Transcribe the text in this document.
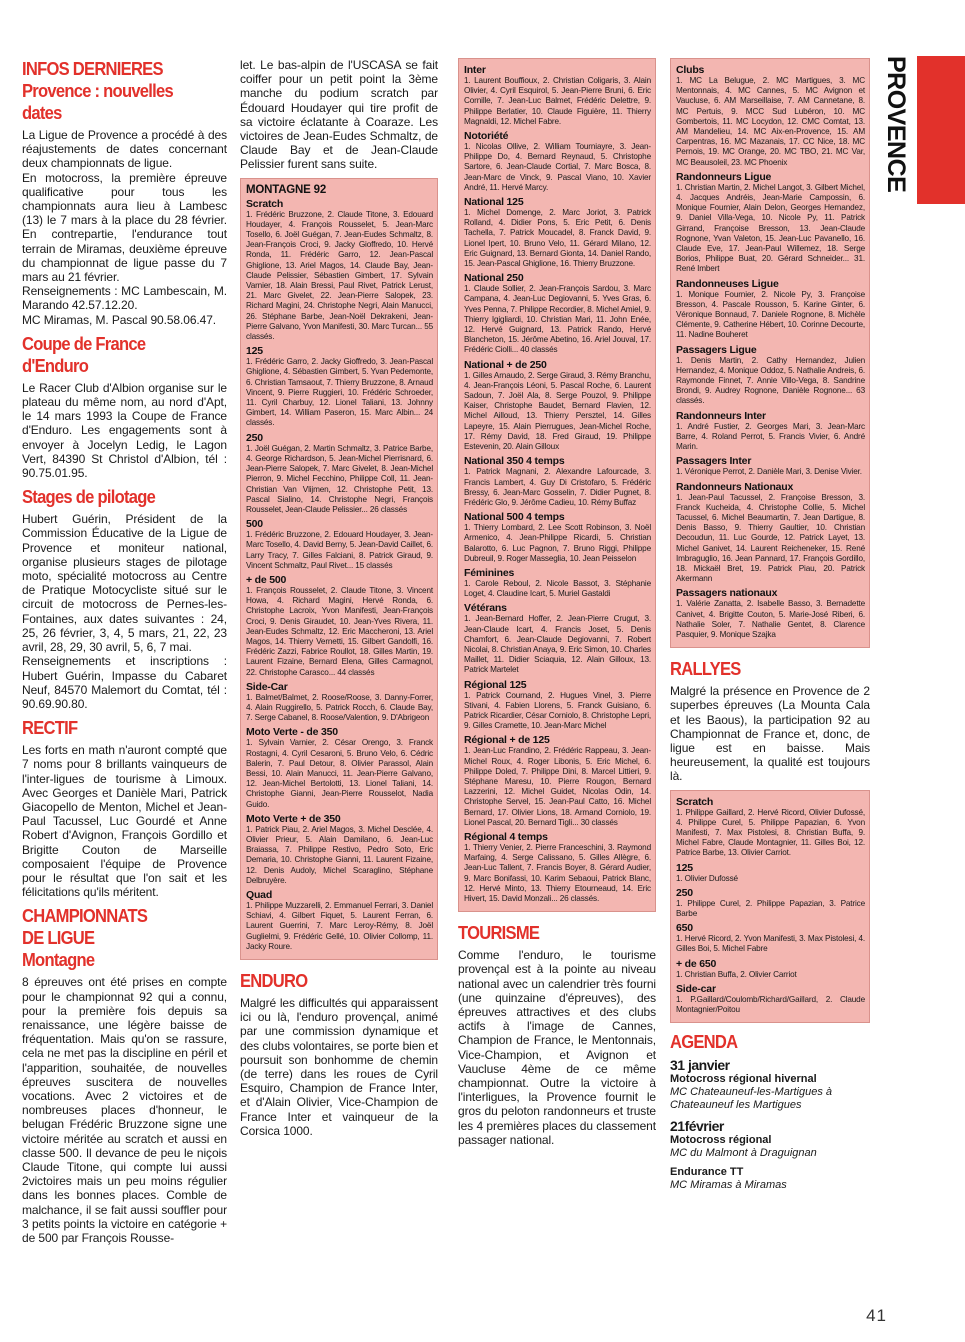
PROVENCE
INFOS DERNIERES
Provence : nouvelles
dates

La Ligue de Provence a procédé à des réajustements de dates concernant deux championnats de ligue.
En motocross, la première épreuve qualificative pour tous les championnats aura lieu à Lambesc (13) le 7 mars à la place du 28 février. En contrepartie, l'endurance tout terrain de Miramas, deuxième épreuve du championnat de ligue passe du 7 mars au 21 février.
Renseignements : MC Lambescain, M. Marando 42.57.12.20.
MC Miramas, M. Pascal 90.58.06.47.

Coupe de France
d'Enduro

Le Racer Club d'Albion organise sur le plateau du même nom, au nord d'Apt, le 14 mars 1993 la Coupe de France d'Enduro. Les engagements sont à envoyer à Jocelyn Ledig, le Lagon Vert, 84390 St Christol d'Albion, tél : 90.75.01.95.

Stages de pilotage

Hubert Guérin, Président de la Commission Éducative de la Ligue de Provence et moniteur national, organise plusieurs stages de pilotage moto, spécialité motocross au Centre de Pratique Motocycliste situé sur le circuit de motocross de Pernes-les-Fontaines, aux dates suivantes : 24, 25, 26 février, 3, 4, 5 mars, 21, 22, 23 avril, 28, 29, 30 avril, 5, 6, 7 mai.
Renseignements et inscriptions : Hubert Guérin, Impasse du Cabaret Neuf, 84570 Malemort du Comtat, tél : 90.69.90.80.

RECTIF

Les forts en math n'auront compté que 7 noms pour 8 brillants vainqueurs de l'inter-ligues de tourisme à Limoux. Avec Georges et Danièle Mari, Patrick Giacopello de Menton, Michel et Jean-Paul Tacussel, Luc Gourdé et Anne Robert d'Avignon, François Gordillo et Brigitte Couton de Marseille composaient l'équipe de Provence pour le résultat que l'on sait et les félicitations qu'ils méritent.

CHAMPIONNATS
DE LIGUE
Montagne

8 épreuves ont été prises en compte pour le championnat 92 qui a connu, pour la première fois depuis sa renaissance, une légère baisse de fréquentation. Mais qu'on se rassure, cela ne met pas la discipline en péril et l'apparition, souhaitée, de nouvelles épreuves suscitera de nouvelles vocations. Avec 2 victoires et de nombreuses places d'honneur, le belugan Frédéric Bruzzone signe une victoire méritée au scratch et aussi en classe 500. Il devance de peu le niçois Claude Titone, qui compte lui aussi 2victoires mais un peu moins régulier dans les bonnes places. Comble de malchance, il se fait aussi souffler pour 3 petits points la victoire en catégorie + de 500 par François Rousse-

let. Le bas-alpin de l'USCASA se fait coiffer pour un petit point la 3ème manche du podium scratch par Édouard Houdayer qui tire profit de sa victoire éclatante à Coaraze. Les victoires de Jean-Eudes Schmaltz, de Claude Bay et de Jean-Claude Pelissier furent sans suite.

MONTAGNE 92

Scratch

1. Frédéric Bruzzone, 2. Claude Titone, 3. Edouard Houdayer, 4. François Rousselet, 5. Jean-Marc Tosello, 6. Joël Guégan, 7. Jean-Eudes Schmaltz, 8. Jean-François Croci, 9. Jacky Gioffredo, 10. Hervé Ronda, 11. Frédéric Garro, 12. Jean-Pascal Ghiglione, 13. Ariel Magos, 14. Claude Bay, Jean-Claude Pelissier, Sébastien Gimbert, 17. Sylvain Varnier, 18. Alain Bressi, Paul Rivet, Patrick Lerust, 21. Marc Givelet, 22. Jean-Pierre Salopek, 23. Richard Magini, 24. Christophe Negri, Alain Manucci, 26. Stéphane Barbe, Jean-Noël Dekrakeni, Jean-Pierre Galvano, Yvon Manifesti, 30. Marc Turcan... 55 classés.

125

1. Frédéric Garro, 2. Jacky Gioffredo, 3. Jean-Pascal Ghiglione, 4. Sébastien Gimbert, 5. Yvan Pedemonte, 6. Christian Tamsaout, 7. Thierry Bruzzone, 8. Arnaud Vincent, 9. Pierre Ruggieri, 10. Frédéric Schroeder, 11. Cyril Charbuy, 12. Lionel Taliani, 13. Johnny Gimbert, 14. William Paseron, 15. Marc Albin... 24 classés.

250

1. Joël Guégan, 2. Martin Schmaltz, 3. Patrice Barbe, 4. George Richardson, 5. Jean-Michel Pierrisnard, 6. Jean-Pierre Salopek, 7. Marc Givelet, 8. Jean-Michel Pierron, 9. Michel Fecchino, Philippe Coll, 11. Jean-Christian Van Vlijmen, 12. Christophe Petit, 13. Pascal Sialino, 14. Christophe Negri, François Rousselet, Jean-Claude Pelissier... 26 classés

500

1. Frédéric Bruzzone, 2. Edouard Houdayer, 3. Jean-Marc Tosello, 4. David Berny, 5. Jean-David Caillet, 6. Larry Tracy, 7. Gilles Falciani, 8. Patrick Giraud, 9. Vincent Schmaltz, Paul Rivet... 15 classés

+ de 500

1. François Rousselet, 2. Claude Titone, 3. Vincent Howa, 4. Richard Magini, Hervé Ronda, 6. Christophe Lacroix, Yvon Manifesti, Jean-François Croci, 9. Denis Giraudet, 10. Jean-Yves Rivera, 11. Jean-Eudes Schmaltz, 12. Eric Maccheroni, 13. Ariel Magos, 14. Thierry Vernetti, 15. Gilbert Gandolfi, 16. Frédéric Zazzi, Fabrice Roullot, 18. Gilles Martin, 19. Laurent Fizaine, Bernard Elena, Gilles Carmagnol, 22. Christophe Carasco... 44 classés

Side-Car

1. Balmet/Balmet, 2. Roose/Roose, 3. Danny-Forrer, 4. Alain Ruggirello, 5. Patrick Rocch, 6. Claude Bay, 7. Serge Cabanel, 8. Roose/Valention, 9. D'Abrigeon

Moto Verte - de 350

1. Sylvain Varnier, 2. César Orengo, 3. Franck Rostagni, 4. Cyril Cesaroni, 5. Bruno Velo, 6. Cédric Balerin, 7. Paul Detour, 8. Olivier Parassol, Alain Bessi, 10. Alain Manucci, 11. Jean-Pierre Galvano, 12. Jean-Michel Bertolotti, 13. Lionel Taliani, 14. Christophe Gianni, Jean-Pierre Rousselot, Nadia Guido.

Moto Verte + de 350

1. Patrick Piau, 2. Ariel Magos, 3. Michel Desclée, 4. Olivier Prieur, 5. Alain Damilano, 6. Jean-Luc Braiassa, 7. Philippe Restivo, Pedro Soto, Eric Demaria, 10. Christophe Gianni, 11. Laurent Fizaine, 12. Denis Audoly, Michel Scaraglino, Stéphane Delbruyère.

Quad

1. Philippe Muzzarelli, 2. Emmanuel Ferrari, 3. Daniel Schiavi, 4. Gilbert Fiquet, 5. Laurent Ferran, 6. Laurent Guerrini, 7. Marc Leroy-Rémy, 8. Joël Guglielmi, 9. Frédéric Gellé, 10. Olivier Collomp, 11. Jacky Roure.

ENDURO

Malgré les difficultés qui apparaissent ici ou là, l'enduro provençal, animé par une commission dynamique et des clubs volontaires, se porte bien et poursuit son bonhomme de chemin (de terre) dans les roues de Cyril Esquiro, Champion de France Inter, et d'Alain Olivier, Vice-Champion de France Inter et vainqueur de la Corsica 1000.

Inter

1. Laurent Bouffioux, 2. Christian Coligaris, 3. Alain Olivier, 4. Cyril Esquirol, 5. Jean-Pierre Bruni, 6. Eric Cornille, 7. Jean-Luc Balmet, Frédéric Delettre, 9. Philippe Berlatier, 10. Claude Figuière, 11. Thierry Magnaldi, 12. Michel Fabre.

Notoriété

1. Nicolas Ollive, 2. William Tourniayre, 3. Jean-Philippe Do, 4. Bernard Reynaud, 5. Christophe Sartore, 6. Jean-Claude Cortial, 7. Marc Bosca, 8. Jean-Marc de Vinck, 9. Pascal Viano, 10. Xavier André, 11. Hervé Marcy.

National 125

1. Michel Domenge, 2. Marc Joriot, 3. Patrick Rolland, 4. Didier Pons, 5. Eric Petit, 6. Denis Tachella, 7. Patrick Moucadel, 8. Franck David, 9. Lionel Ipert, 10. Bruno Velo, 11. Gérard Milano, 12. Eric Guignard, 13. Bernard Gionta, 14. Daniel Rando, 15. Jean-Pascal Ghiglione, 16. Thierry Bruzzone.

National 250

1. Claude Sollier, 2. Jean-François Sardou, 3. Marc Campana, 4. Jean-Luc Degiovanni, 5. Yves Gras, 6. Yves Penna, 7. Philippe Recordier, 8. Michel Amiel, 9. Thierry Igigliardi, 10. Christian Mari, 11. John Enée, 12. Hervé Guignard, 13. Patrick Rando, Hervé Blancheton, 15. Jérôme Abetino, 16. Ariel Jouval, 17. Frédéric Ciolli... 40 classés

National + de 250

1. Gilles Arnaudo, 2. Serge Giraud, 3. Rémy Branchu, 4. Jean-François Léoni, 5. Pascal Roche, 6. Laurent Sadoun, 7. Joël Ala, 8. Serge Pouzol, 9. Philippe Kaiser, Christophe Baudet, Bernard Flavien, 12. Michel Ailloud, 13. Thierry Persztel, 14. Gilles Lapeyre, 15. Alain Pierrugues, Jean-Michel Roche, 17. Rémy David, 18. Fred Giraud, 19. Philippe Estevenin, 20. Alain Gilloux

National 350 4 temps

1. Patrick Magnani, 2. Alexandre Lafourcade, 3. Francis Lambert, 4. Guy Di Cristofaro, 5. Frédéric Bressy, 6. Jean-Marc Gosselin, 7. Didier Pugnet, 8. Frédéric Glo, 9. Jérôme Cadieu, 10. Rémy Buffaz

National 500 4 temps

1. Thierry Lombard, 2. Lee Scott Robinson, 3. Noël Armenico, 4. Jean-Philippe Ricardi, 5. Christian Balarotto, 6. Luc Pagnon, 7. Bruno Riggi, Philippe Dubreuil, 9. Roger Masseglia, 10. Jean Peisselon

Féminines

1. Carole Reboul, 2. Nicole Bassot, 3. Stéphanie Loget, 4. Claudine Icart, 5. Muriel Gastaldi

Vétérans

1. Jean-Bernard Hoffer, 2. Jean-Pierre Crugut, 3. Jean-Claude Icart, 4. Francis Joset, 5. Denis Chamfort, 6. Jean-Claude Degiovanni, 7. Robert Nicolai, 8. Christian Anaya, 9. Eric Simon, 10. Charles Maillet, 11. Didier Sciaquia, 12. Alain Gilloux, 13. Patrick Martelet

Régional 125

1. Patrick Cournand, 2. Hugues Vinel, 3. Pierre Stivani, 4. Fabien Llorens, 5. Franck Guisiano, 6. Patrick Ricardier, César Corniolo, 8. Christophe Lepri, 9. Gilles Cramette, 10. Jean-Marc Michel

Régional + de 125

1. Jean-Luc Frandino, 2. Frédéric Rappeau, 3. Jean-Michel Roux, 4. Roger Libonis, 5. Eric Michel, 6. Philippe Doled, 7. Philippe Dini, 8. Marcel Littieri, 9. Stéphane Maresu, 10. Pierre Rougon, Bernard Lazzerini, 12. Michel Guidet, Nicolas Odin, 14. Christophe Servel, 15. Jean-Paul Catto, 16. Michel Bernard, 17. Olivier Lions, 18. Armand Corniolo, 19. Lionel Pascal, 20. Bernard Tigli... 30 classés

Régional 4 temps

1. Thierry Venier, 2. Pierre Franceschini, 3. Raymond Marfaing, 4. Serge Calissano, 5. Gilles Allègre, 6. Jean-Luc Tallent, 7. Francis Boyer, 8. Gérard Audier, 9. Marc Bonifassi, 10. Karim Sebaoui, Patrick Blanc, 12. Hervé Minto, 13. Thierry Etourneaud, 14. Eric Hivert, 15. David Monzali... 26 classés.

TOURISME

Comme l'enduro, le tourisme provençal est à la pointe au niveau national avec un calendrier très fourni (une quinzaine d'épreuves), des épreuves attractives et des clubs actifs à l'image de Cannes, Champion de France, le Mentonnais, Vice-Champion, et Avignon et Vaucluse 4ème de ce même championnat. Outre la victoire à l'interligues, la Provence fournit le gros du peloton randonneurs et truste les 4 premières places du classement passager national.

Clubs

1. MC La Belugue, 2. MC Martigues, 3. MC Mentonnais, 4. MC Cannes, 5. MC Avignon et Vaucluse, 6. AM Marseillaise, 7. AM Cannetane, 8. MC Pertuis, 9. MCC Sud Lubéron, 10. MC Gombertois, 11. MC Locydon, 12. CMC Comtat, 13. AM Mandelieu, 14. MC Aix-en-Provence, 15. AM Carpentras, 16. MC Mazanais, 17. CC Nice, 18. MC Pernois, 19. MC Orange, 20. MC TBO, 21. MC Var, MC Beausoleil, 23. MC Phoenix

Randonneurs Ligue

1. Christian Martin, 2. Michel Langot, 3. Gilbert Michel, 4. Jacques Andréis, Jean-Marie Campossin, 6. Monique Fournier, Alain Delon, Georges Hernandez, 9. Daniel Villa-Vega, 10. Nicole Py, 11. Patrick Girrand, Françoise Bresson, 13. Jean-Claude Rognone, Yvan Valeton, 15. Jean-Luc Pavanello, 16. Claude Eve, 17. Jean-Paul Willemez, 18. Serge Borios, Philippe Buat, 20. Gérard Schneider... 31. René Imbert

Randonneuses Ligue

1. Monique Fournier, 2. Nicole Py, 3. Françoise Bresson, 4. Pascale Rousson, 5. Karine Ginter, 6. Véronique Bonnaud, 7. Daniele Rognone, 8. Michèle Clémente, 9. Catherine Hébert, 10. Corinne Decourte, 11. Nadine Bouheret

Passagers Ligue

1. Denis Martin, 2. Cathy Hernandez, Julien Hernandez, 4. Monique Oddoz, 5. Nathalie Andreis, 6. Raymonde Finnet, 7. Annie Villo-Vega, 8. Sandrine Brondi, 9. Audrey Rognone, Danièle Rognone... 63 classés.

Randonneurs Inter

1. André Fustier, 2. Georges Mari, 3. Jean-Marc Barre, 4. Roland Perrot, 5. Francis Vivier, 6. André Marin.

Passagers Inter

1. Véronique Perrot, 2. Danièle Mari, 3. Denise Vivier.

Randonneurs Nationaux

1. Jean-Paul Tacussel, 2. Françoise Bresson, 3. Franck Kucheida, 4. Christophe Collie, 5. Michel Tacussel, 6. Michel Beaumartin, 7. Jean Dartigue, 8. Denis Basso, 9. Thierry Gaultier, 10. Christian Decoudun, 11. Luc Gourde, 12. Patrick Layet, 13. Michel Ganivet, 14. Laurent Reicheneker, 15. René Imbraguglio, 16. Jean Pannard, 17. François Gordillo, 18. Mickaël Bret, 19. Patrick Piau, 20. Patrick Akermann

Passagers nationaux

1. Valérie Zanatta, 2. Isabelle Basso, 3. Bernadette Canivet, 4. Brigitte Couton, 5. Marie-José Riberi, 6. Nathalie Soler, 7. Nathalie Gentet, 8. Clarence Pasquier, 9. Monique Szajka

RALLYES

Malgré la présence en Provence de 2 superbes épreuves (La Mounta Cala et les Baous), la participation 92 au Championnat de France et, donc, de ligue est en baisse. Mais heureusement, la qualité est toujours là.

Scratch

1. Philippe Gaillard, 2. Hervé Ricord, Olivier Dufossé, 4. Philippe Curel, 5. Philippe Papazian, 6. Yvon Manifesti, 7. Max Pistolesi, 8. Christian Buffa, 9. Michel Fabre, Claude Montagnier, 11. Gilles Boi, 12. Patrice Barbe, 13. Olivier Carriot.

125

1. Olivier Dufossé

250

1. Philippe Curel, 2. Philippe Papazian, 3. Patrice Barbe

650

1. Hervé Ricord, 2. Yvon Manifesti, 3. Max Pistolesi, 4. Gilles Boi, 5. Michel Fabre

+ de 650

1. Christian Buffa, 2. Olivier Carriot

Side-car

1. P.Gaillard/Coulomb/Richard/Gaillard, 2. Claude Montagnier/Poitou

AGENDA

31 janvier

Motocross régional hivernal

MC Chateauneuf-les-Martigues à Chateauneuf les Martigues

21février

Motocross régional

MC du Malmont à Draguignan

Endurance TT

MC Miramas à Miramas

41
